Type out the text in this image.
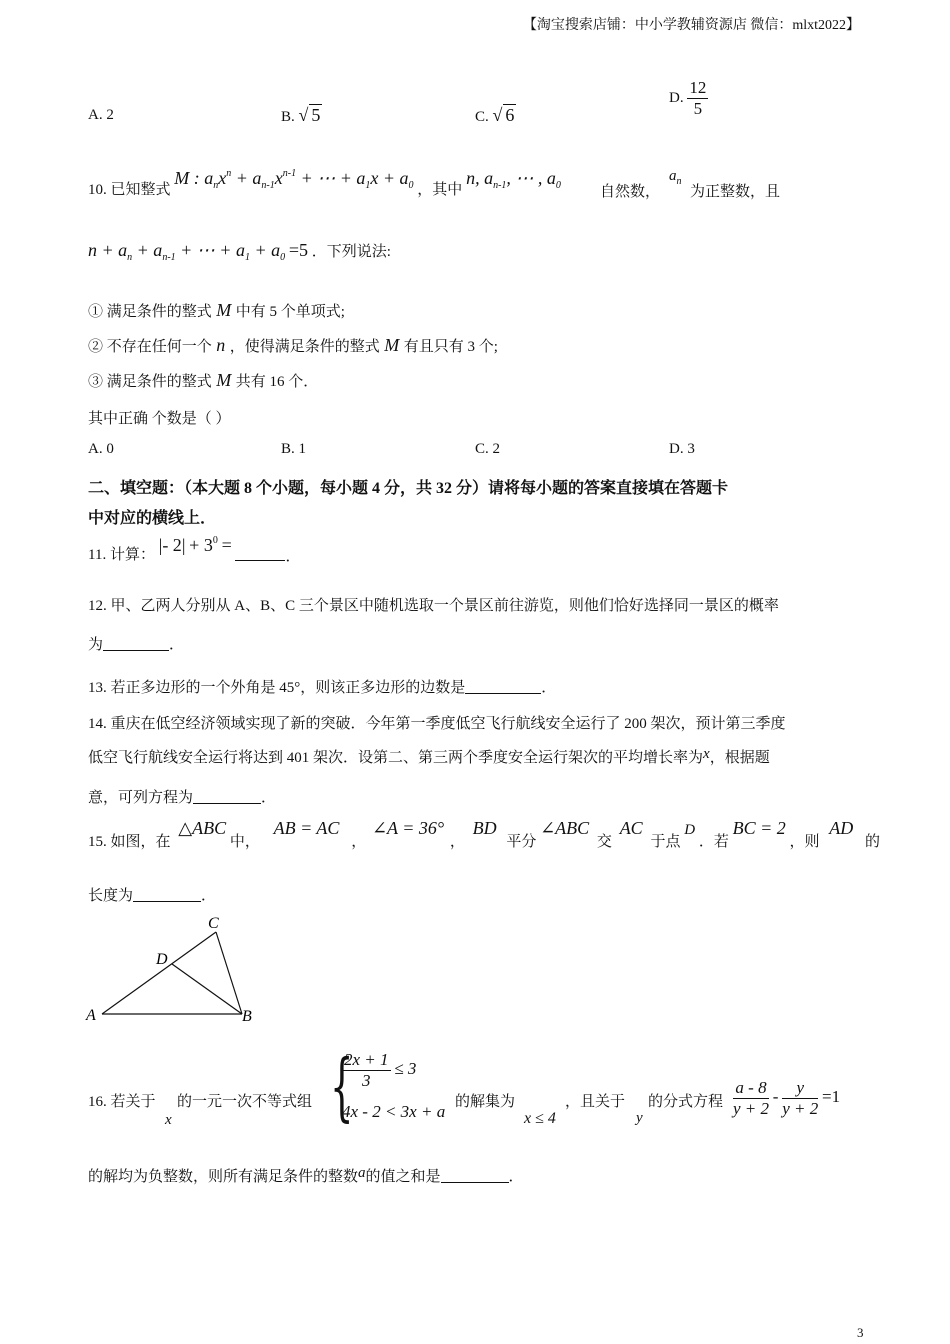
【淘宝搜索店铺：中小学教辅资源店 微信：mlxt2022】
A. 2	B. √ 5	C. √ 6
D. $\frac{12}{5}$
10. 已知整式 M : $a_nx^n + a_{n-1}x^{n-1}$ + ⋯ + $a_1x + a_0$ ，其中 n, $a_{n-1}$, ⋯ , $a_0$	自然数，
$a_n$
为正整数，且
$n + a_n + a_{n-1}$ + ⋯ + $a_1 + a_0 =5$ ．下列说法:
① 满足条件的整式 M 中有 5 个单项式;
② 不存在任何一个 n ，使得满足条件的整式 M 有且只有 3 个;
③ 满足条件的整式 M 共有 16 个．
其中正确 个数是（ ）
A. 0	B. 1	C. 2	D. 3
二、填空题：（本大题 8 个小题，每小题 4 分，共 32 分）请将每小题的答案直接填在答题卡
中对应的横线上．
11. 计算： |- $2| + 3^0$ = ．
12. 甲、乙两人分别从 A、B、C 三个景区中随机选取一个景区前往游览，则他们恰好选择同一景区的概率
为	．
13. 若正多边形的一个外角是 45°，则该正多边形的边数是	．
14. 重庆在低空经济领域实现了新的突破．今年第一季度低空飞行航线安全运行了 200 架次，预计第三季度
低空飞行航线安全运行将达到 401 架次．设第二、第三两个季度安全运行架次的平均增长率为x，根据题
意，可列方程为	．
15. 如图，在 △ABC 中， AB = AC ， ∠A = 36° ， BD 平分 ∠ABC 交 AC 于点 D ．若 BC = 2 ，则 AD 的
长度为	．
A	B
C
D
16. 若关于
x
的一元一次不等式组 {
$\frac{2x + 1}{3} \le 3$
4x - 2 < 3x + a 的解集为
x ≤ 4
，且关于
y
的分式方程 $\frac{a - 8}{y + 2} - \frac{y}{y + 2} =1$
的解均为负整数，则所有满足条件的整数a的值之和是	．
3
